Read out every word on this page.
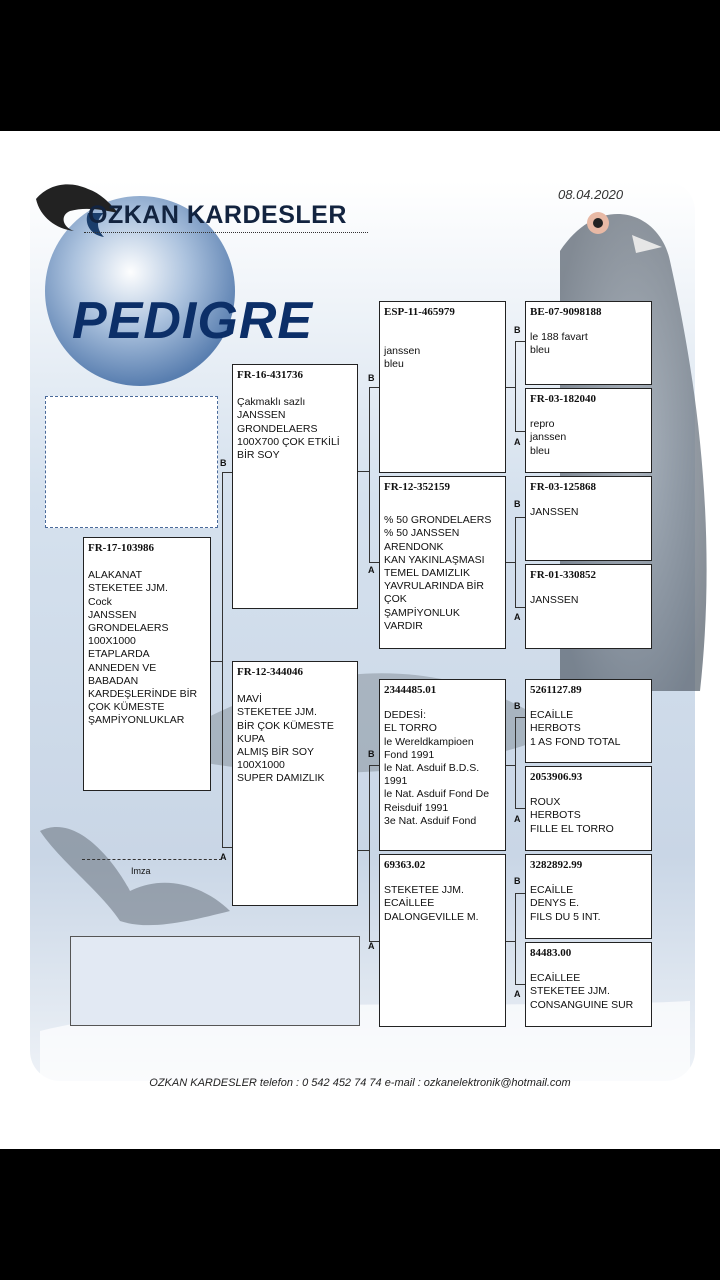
08.04.2020
OZKAN KARDESLER
PEDIGRE
FR-17-103986
ALAKANAT
STEKETEE JJM.
Cock
JANSSEN
GRONDELAERS
100X1000
ETAPLARDA
ANNEDEN VE
BABADAN
KARDEŞLERİNDE BİR
ÇOK KÜMESTE
ŞAMPİYONLUKLAR
FR-16-431736
Çakmaklı sazlı
JANSSEN
GRONDELAERS
100X700 ÇOK ETKİLİ
BİR SOY
FR-12-344046
MAVİ
STEKETEE JJM.
BİR ÇOK KÜMESTE
KUPA
ALMIŞ BİR SOY
100X1000
SUPER DAMIZLIK
ESP-11-465979
janssen
bleu
FR-12-352159
% 50 GRONDELAERS
% 50 JANSSEN
ARENDONK
KAN YAKINLAŞMASI
TEMEL DAMIZLIK
YAVRULARINDA BİR
ÇOK
ŞAMPİYONLUK
VARDIR
2344485.01
DEDESİ:
EL TORRO
le Wereldkampioen
Fond 1991
le Nat. Asduif B.D.S.
1991
le Nat. Asduif Fond De
Reisduif 1991
3e Nat. Asduif Fond
69363.02
STEKETEE JJM.
ECAİLLEE
DALONGEVILLE M.
BE-07-9098188
le 188 favart
bleu
FR-03-182040
repro
janssen
bleu
FR-03-125868
JANSSEN
FR-01-330852
JANSSEN
5261127.89
ECAİLLE
HERBOTS
1 AS FOND TOTAL
2053906.93
ROUX
HERBOTS
FILLE EL TORRO
3282892.99
ECAİLLE
DENYS E.
FILS DU 5 INT.
84483.00
ECAİLLEE
STEKETEE JJM.
CONSANGUINE SUR
B
A
B
A
B
A
B
A
B
A
B
A
B
A
Imza
OZKAN KARDESLER telefon : 0 542 452 74 74 e-mail : ozkanelektronik@hotmail.com
